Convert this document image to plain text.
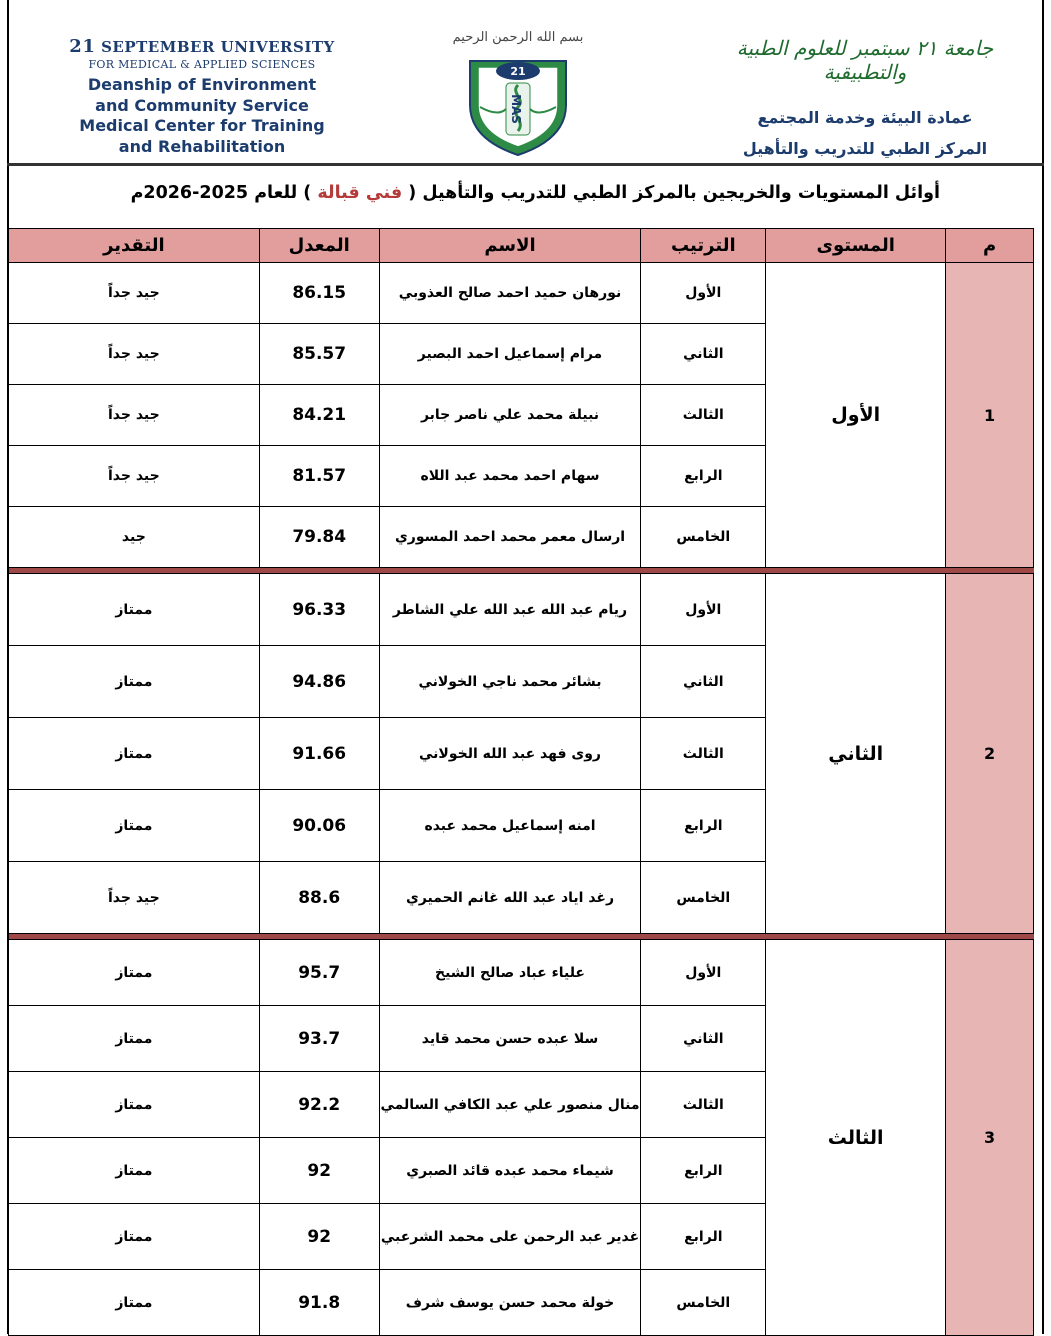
21 SEPTEMBER UNIVERSITY
FOR MEDICAL & APPLIED SCIENCES
Deanship of Environment
and Community Service
Medical Center for Training
and Rehabilitation
بسم الله الرحمن الرحيم
21
MAS
جامعة ٢١ سبتمبر للعلوم الطبية والتطبيقية
عمادة البيئة وخدمة المجتمع
المركز الطبي للتدريب والتأهيل
أوائل المستويات والخريجين بالمركز الطبي للتدريب والتأهيل ( فني قبالة ) للعام 2025-2026م
م	المستوى	الترتيب	الاسم	المعدل	التقدير
1	الأول	الأول	نورهان حميد احمد صالح العذوبي	86.15	جيد جداً
		الثاني	مرام إسماعيل احمد البصير	85.57	جيد جداً
		الثالث	نبيلة محمد علي ناصر جابر	84.21	جيد جداً
		الرابع	سهام احمد محمد عبد اللاه	81.57	جيد جداً
		الخامس	ارسال معمر محمد احمد المسوري	79.84	جيد

2	الثاني	الأول	ريام عبد الله عبد الله علي الشاطر	96.33	ممتاز
		الثاني	بشائر محمد ناجي الخولاني	94.86	ممتاز
		الثالث	روى فهد عبد الله الخولاني	91.66	ممتاز
		الرابع	امنه إسماعيل محمد عبده	90.06	ممتاز
		الخامس	رغد اياد عبد الله غانم الحميري	88.6	جيد جداً

3	الثالث	الأول	علياء عباد صالح الشيخ	95.7	ممتاز
		الثاني	سلا عبده حسن محمد قايد	93.7	ممتاز
		الثالث	منال منصور علي عبد الكافي السالمي	92.2	ممتاز
		الرابع	شيماء محمد عبده قائد الصبري	92	ممتاز
		الرابع	غدير عبد الرحمن على محمد الشرعبي	92	ممتاز
		الخامس	خولة محمد حسن يوسف شرف	91.8	ممتاز
